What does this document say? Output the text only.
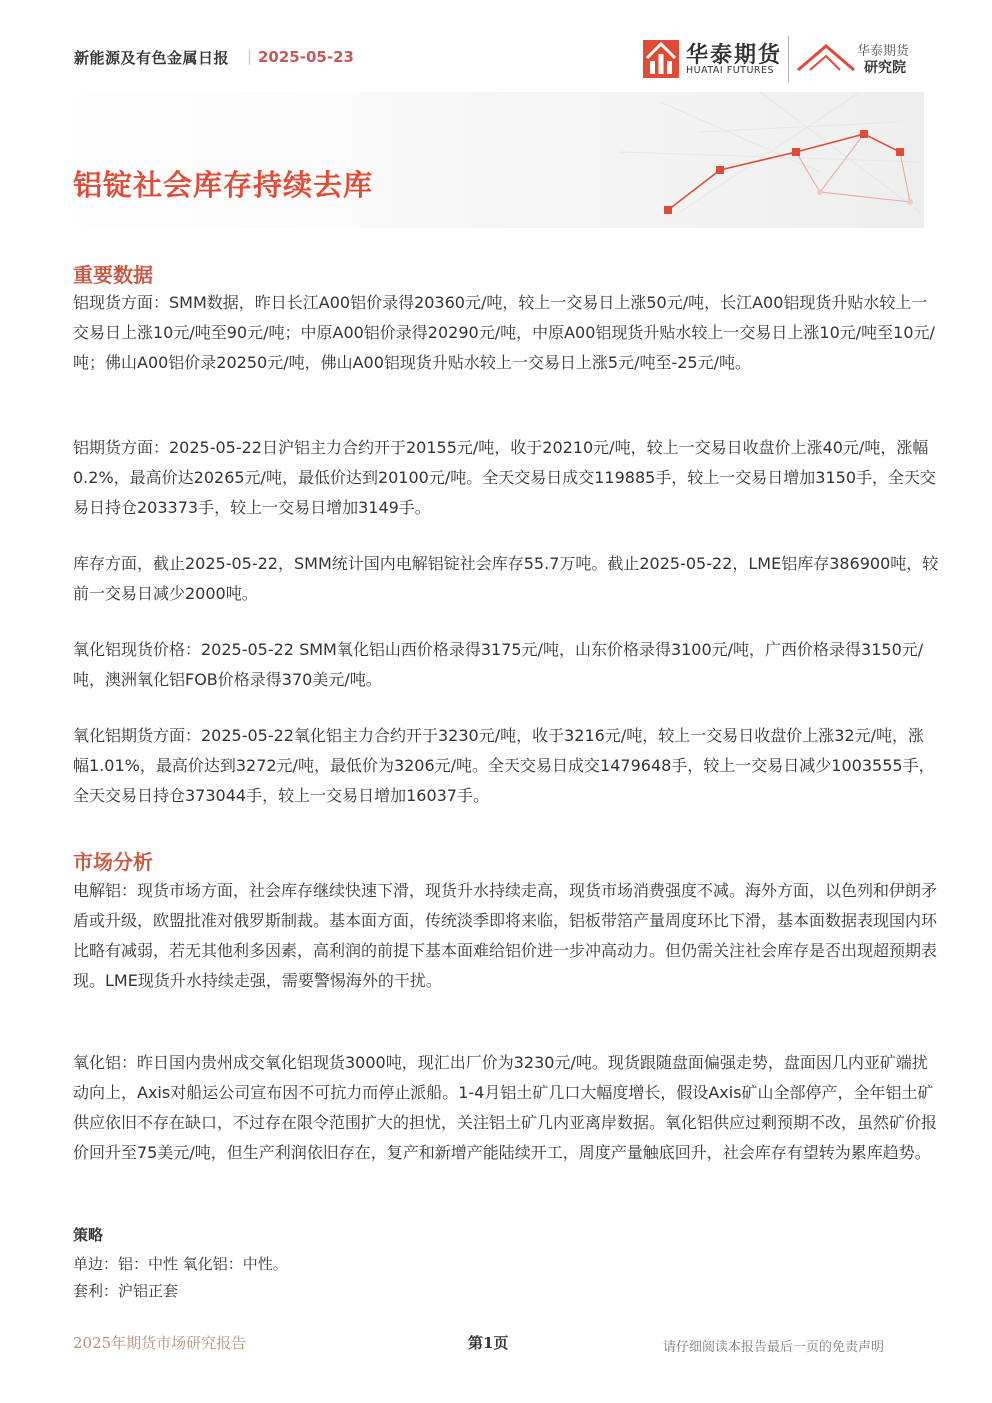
新能源及有色金属日报 | 2025-05-23	华泰期货
HUATAI FUTURES
华泰期货
研究院
铝锭社会库存持续去库
重要数据

铝现货方面：SMM数据，昨日长江A00铝价录得20360元/吨，较上一交易日上涨50元/吨，长江A00铝现货升贴水较上一交易日上涨10元/吨至90元/吨；中原A00铝价录得20290元/吨，中原A00铝现货升贴水较上一交易日上涨10元/吨至10元/吨；佛山A00铝价录20250元/吨，佛山A00铝现货升贴水较上一交易日上涨5元/吨至-25元/吨。

铝期货方面：2025-05-22日沪铝主力合约开于20155元/吨，收于20210元/吨，较上一交易日收盘价上涨40元/吨，涨幅0.2%，最高价达20265元/吨，最低价达到20100元/吨。全天交易日成交119885手，较上一交易日增加3150手，全天交易日持仓203373手，较上一交易日增加3149手。

库存方面，截止2025-05-22，SMM统计国内电解铝锭社会库存55.7万吨。截止2025-05-22，LME铝库存386900吨，较前一交易日减少2000吨。

氧化铝现货价格：2025-05-22 SMM氧化铝山西价格录得3175元/吨，山东价格录得3100元/吨，广西价格录得3150元/吨，澳洲氧化铝FOB价格录得370美元/吨。

氧化铝期货方面：2025-05-22氧化铝主力合约开于3230元/吨，收于3216元/吨，较上一交易日收盘价上涨32元/吨，涨幅1.01%，最高价达到3272元/吨，最低价为3206元/吨。全天交易日成交1479648手，较上一交易日减少1003555手，全天交易日持仓373044手，较上一交易日增加16037手。

市场分析

电解铝：现货市场方面，社会库存继续快速下滑，现货升水持续走高，现货市场消费强度不减。海外方面，以色列和伊朗矛盾或升级，欧盟批准对俄罗斯制裁。基本面方面，传统淡季即将来临，铝板带箔产量周度环比下滑，基本面数据表现国内环比略有减弱，若无其他利多因素，高利润的前提下基本面难给铝价进一步冲高动力。但仍需关注社会库存是否出现超预期表现。LME现货升水持续走强，需要警惕海外的干扰。

氧化铝：昨日国内贵州成交氧化铝现货3000吨，现汇出厂价为3230元/吨。现货跟随盘面偏强走势，盘面因几内亚矿端扰动向上，Axis对船运公司宣布因不可抗力而停止派船。1-4月铝土矿几口大幅度增长，假设Axis矿山全部停产，全年铝土矿供应依旧不存在缺口，不过存在限令范围扩大的担忧，关注铝土矿几内亚离岸数据。氧化铝供应过剩预期不改，虽然矿价报价回升至75美元/吨，但生产利润依旧存在，复产和新增产能陆续开工，周度产量触底回升，社会库存有望转为累库趋势。

策略
单边：铝：中性 氧化铝：中性。
套利：沪铝正套
2025年期货市场研究报告	第1页	请仔细阅读本报告最后一页的免责声明
